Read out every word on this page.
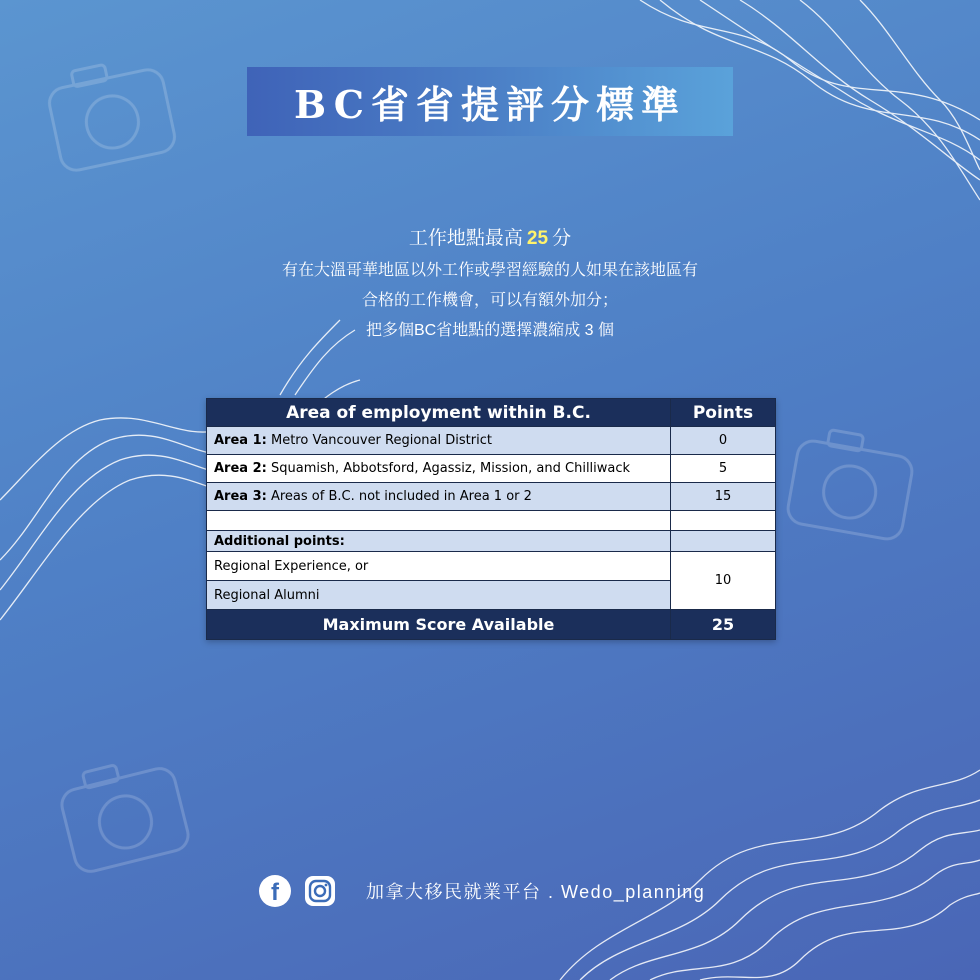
BC省省提評分標準
工作地點最高 25 分
有在大溫哥華地區以外工作或學習經驗的人如果在該地區有
合格的工作機會，可以有額外加分；
把多個BC省地點的選擇濃縮成 3 個
Area of employment within B.C.	Points
Area 1: Metro Vancouver Regional District	0
Area 2: Squamish, Abbotsford, Agassiz, Mission, and Chilliwack	5
Area 3: Areas of B.C. not included in Area 1 or 2	15

Additional points:	
Regional Experience, or	10
Regional Alumni	
Maximum Score Available	25
f	加拿大移民就業平台 . Wedo_planning
